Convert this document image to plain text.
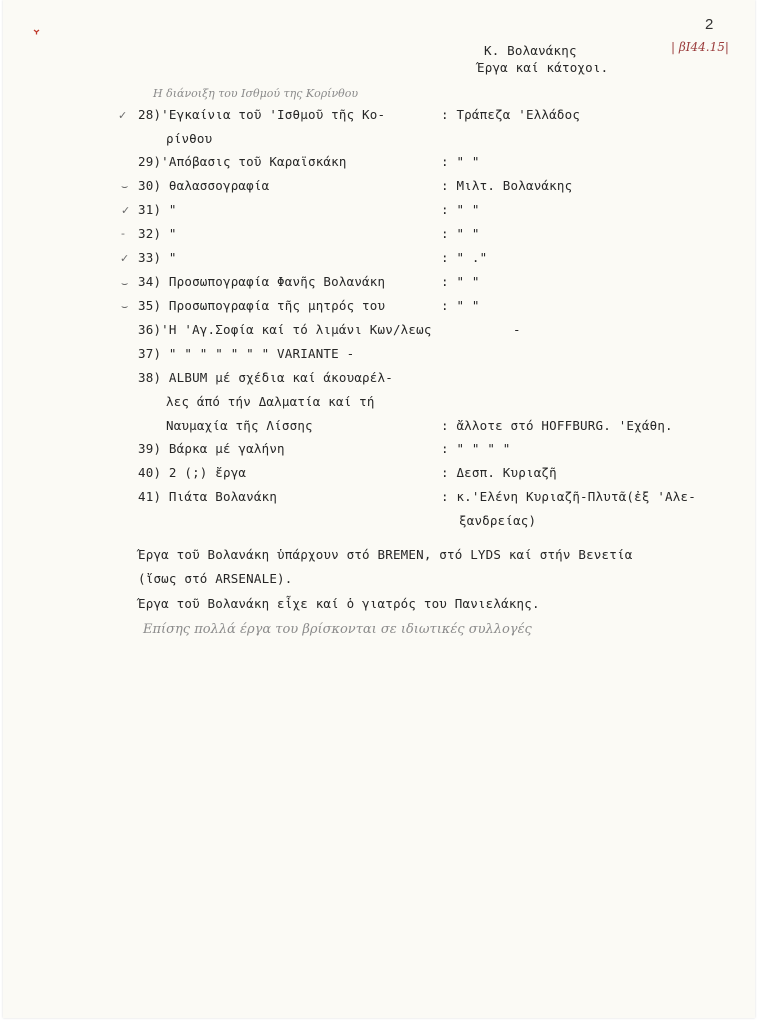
2
| βΙ44.15|
Κ. Βολανάκης
Έργα καί κάτοχοι.
Η διάνοιξη του Ισθμού της Κορίνθου
✓ 28)'Εγκαίνια τοῦ 'Ισθμοῦ τῆς Κο-	: Τράπεζα 'Ελλάδος
ρίνθου
29)'Απόβασις τοῦ Καραϊσκάκη	: " "
⌣ 30) θαλασσογραφία	: Μιλτ. Βολανάκης
✓ 31) "	: " "
- 32) "	: " "
✓ 33) "	: " ."
⌣ 34) Προσωπογραφία Φανῆς Βολανάκη	: " "
⌣ 35) Προσωπογραφία τῆς μητρός του	: " "
36)'Η 'Αγ.Σοφία καί τό λιμάνι Κων/λεως	-
37) " " " " " " " VARIANTE -
38) ALBUM μέ σχέδια καί άκουαρέλ-
λες άπό τήν Δαλματία καί τή
Ναυμαχία τῆς Λίσσης	: ἄλλοτε στό HOFFBURG. 'Εχάθη.
39) Βάρκα μέ γαλήνη	: " " " "
40) 2 (;) ἔργα	: Δεσπ. Κυριαζῆ
41) Πιάτα Βολανάκη	: κ.'Ελένη Κυριαζῆ-Πλυτᾶ(ἐξ 'Αλε-
ξανδρείας)
Έργα τοῦ Βολανάκη ὑπάρχουν στό BREMEN, στό LYDS καί στήν Βενετία
(ἴσως στό ARSENALE).
Έργα τοῦ Βολανάκη εἶχε καί ὁ γιατρός του Πανιελάκης.
Επίσης πολλά έργα του βρίσκονται σε ιδιωτικές συλλογές
